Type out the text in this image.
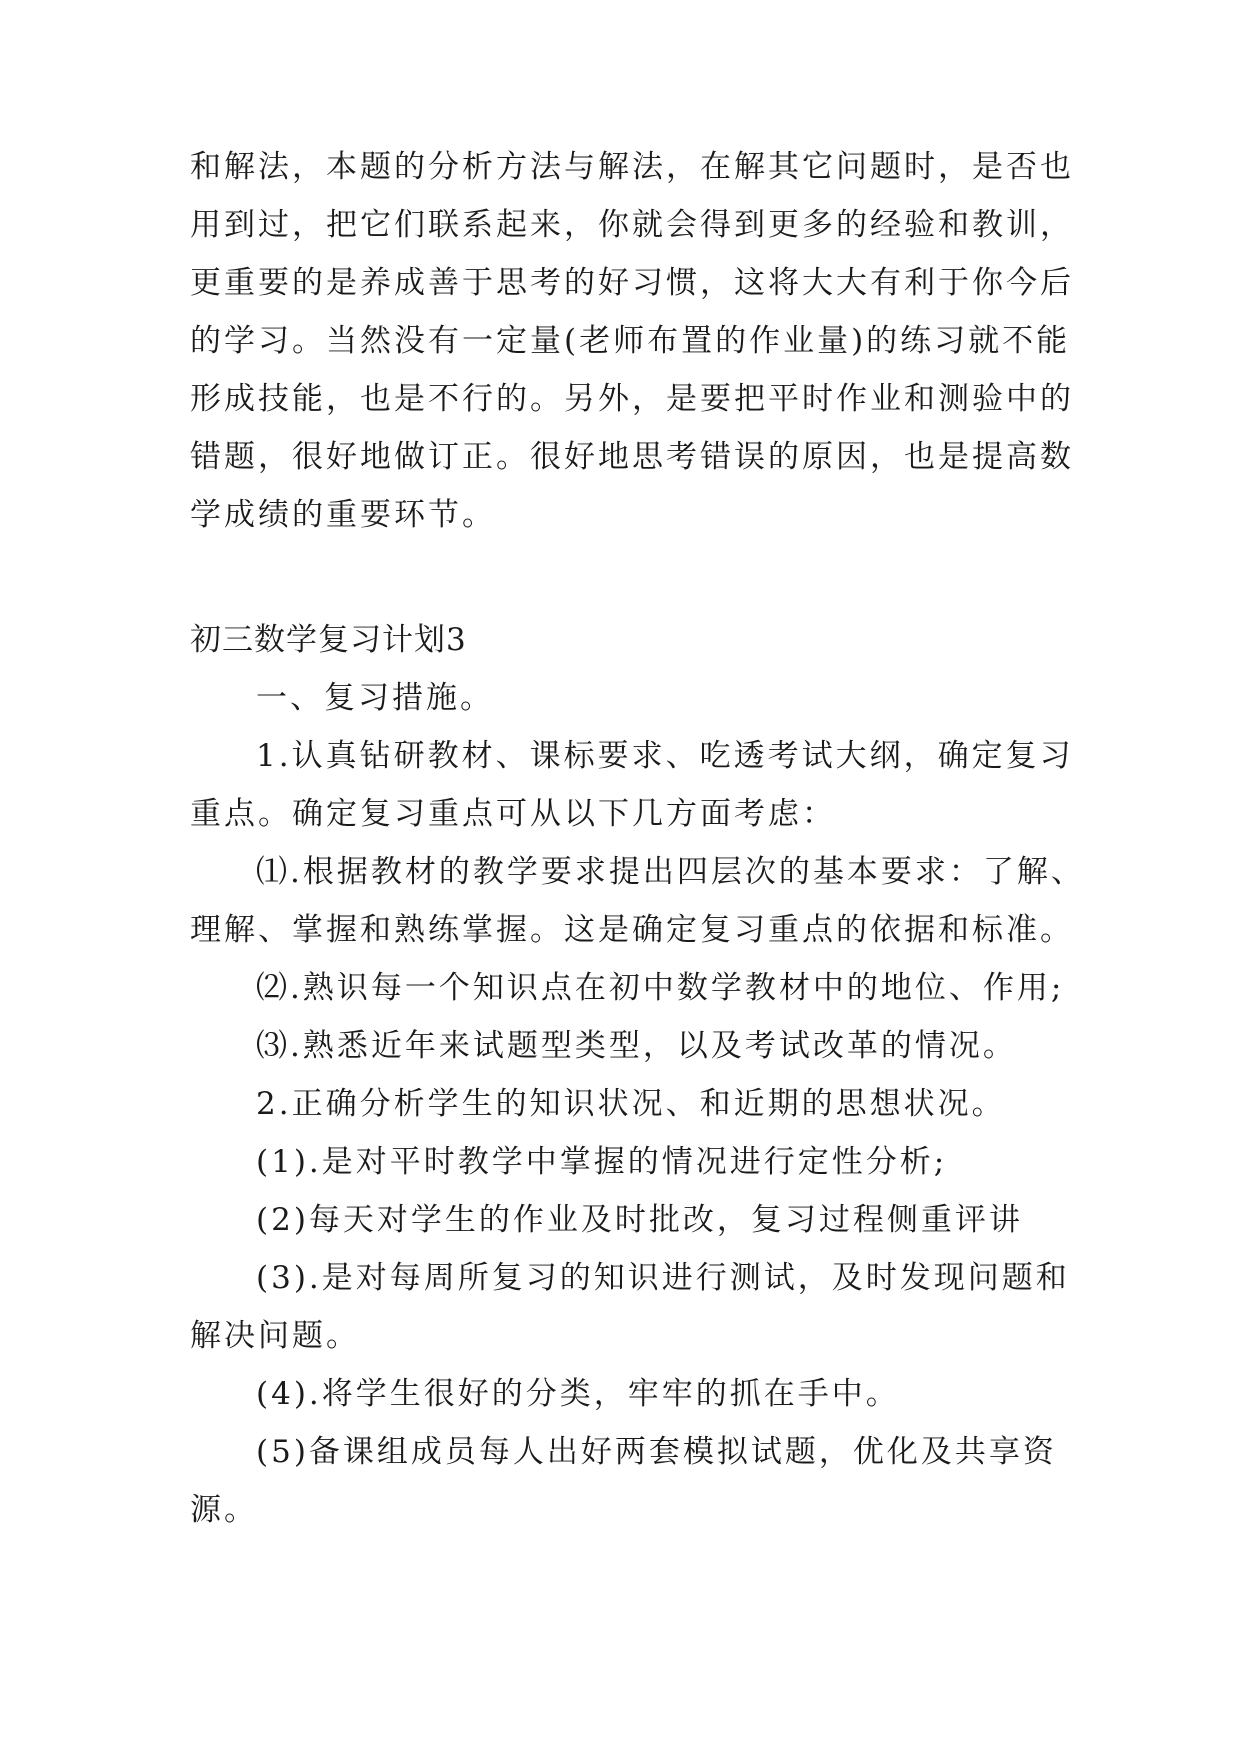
和解法，本题的分析方法与解法，在解其它问题时，是否也
用到过，把它们联系起来，你就会得到更多的经验和教训，
更重要的是养成善于思考的好习惯，这将大大有利于你今后
的学习。当然没有一定量(老师布置的作业量)的练习就不能
形成技能，也是不行的。另外，是要把平时作业和测验中的
错题，很好地做订正。很好地思考错误的原因，也是提高数
学成绩的重要环节。
初三数学复习计划3
一、复习措施。
1.认真钻研教材、课标要求、吃透考试大纲，确定复习
重点。确定复习重点可从以下几方面考虑：
⑴.根据教材的教学要求提出四层次的基本要求：了解、
理解、掌握和熟练掌握。这是确定复习重点的依据和标准。
⑵.熟识每一个知识点在初中数学教材中的地位、作用;
⑶.熟悉近年来试题型类型，以及考试改革的情况。
2.正确分析学生的知识状况、和近期的思想状况。
(1).是对平时教学中掌握的情况进行定性分析;
(2)每天对学生的作业及时批改，复习过程侧重评讲
(3).是对每周所复习的知识进行测试，及时发现问题和
解决问题。
(4).将学生很好的分类，牢牢的抓在手中。
(5)备课组成员每人出好两套模拟试题，优化及共享资
源。
